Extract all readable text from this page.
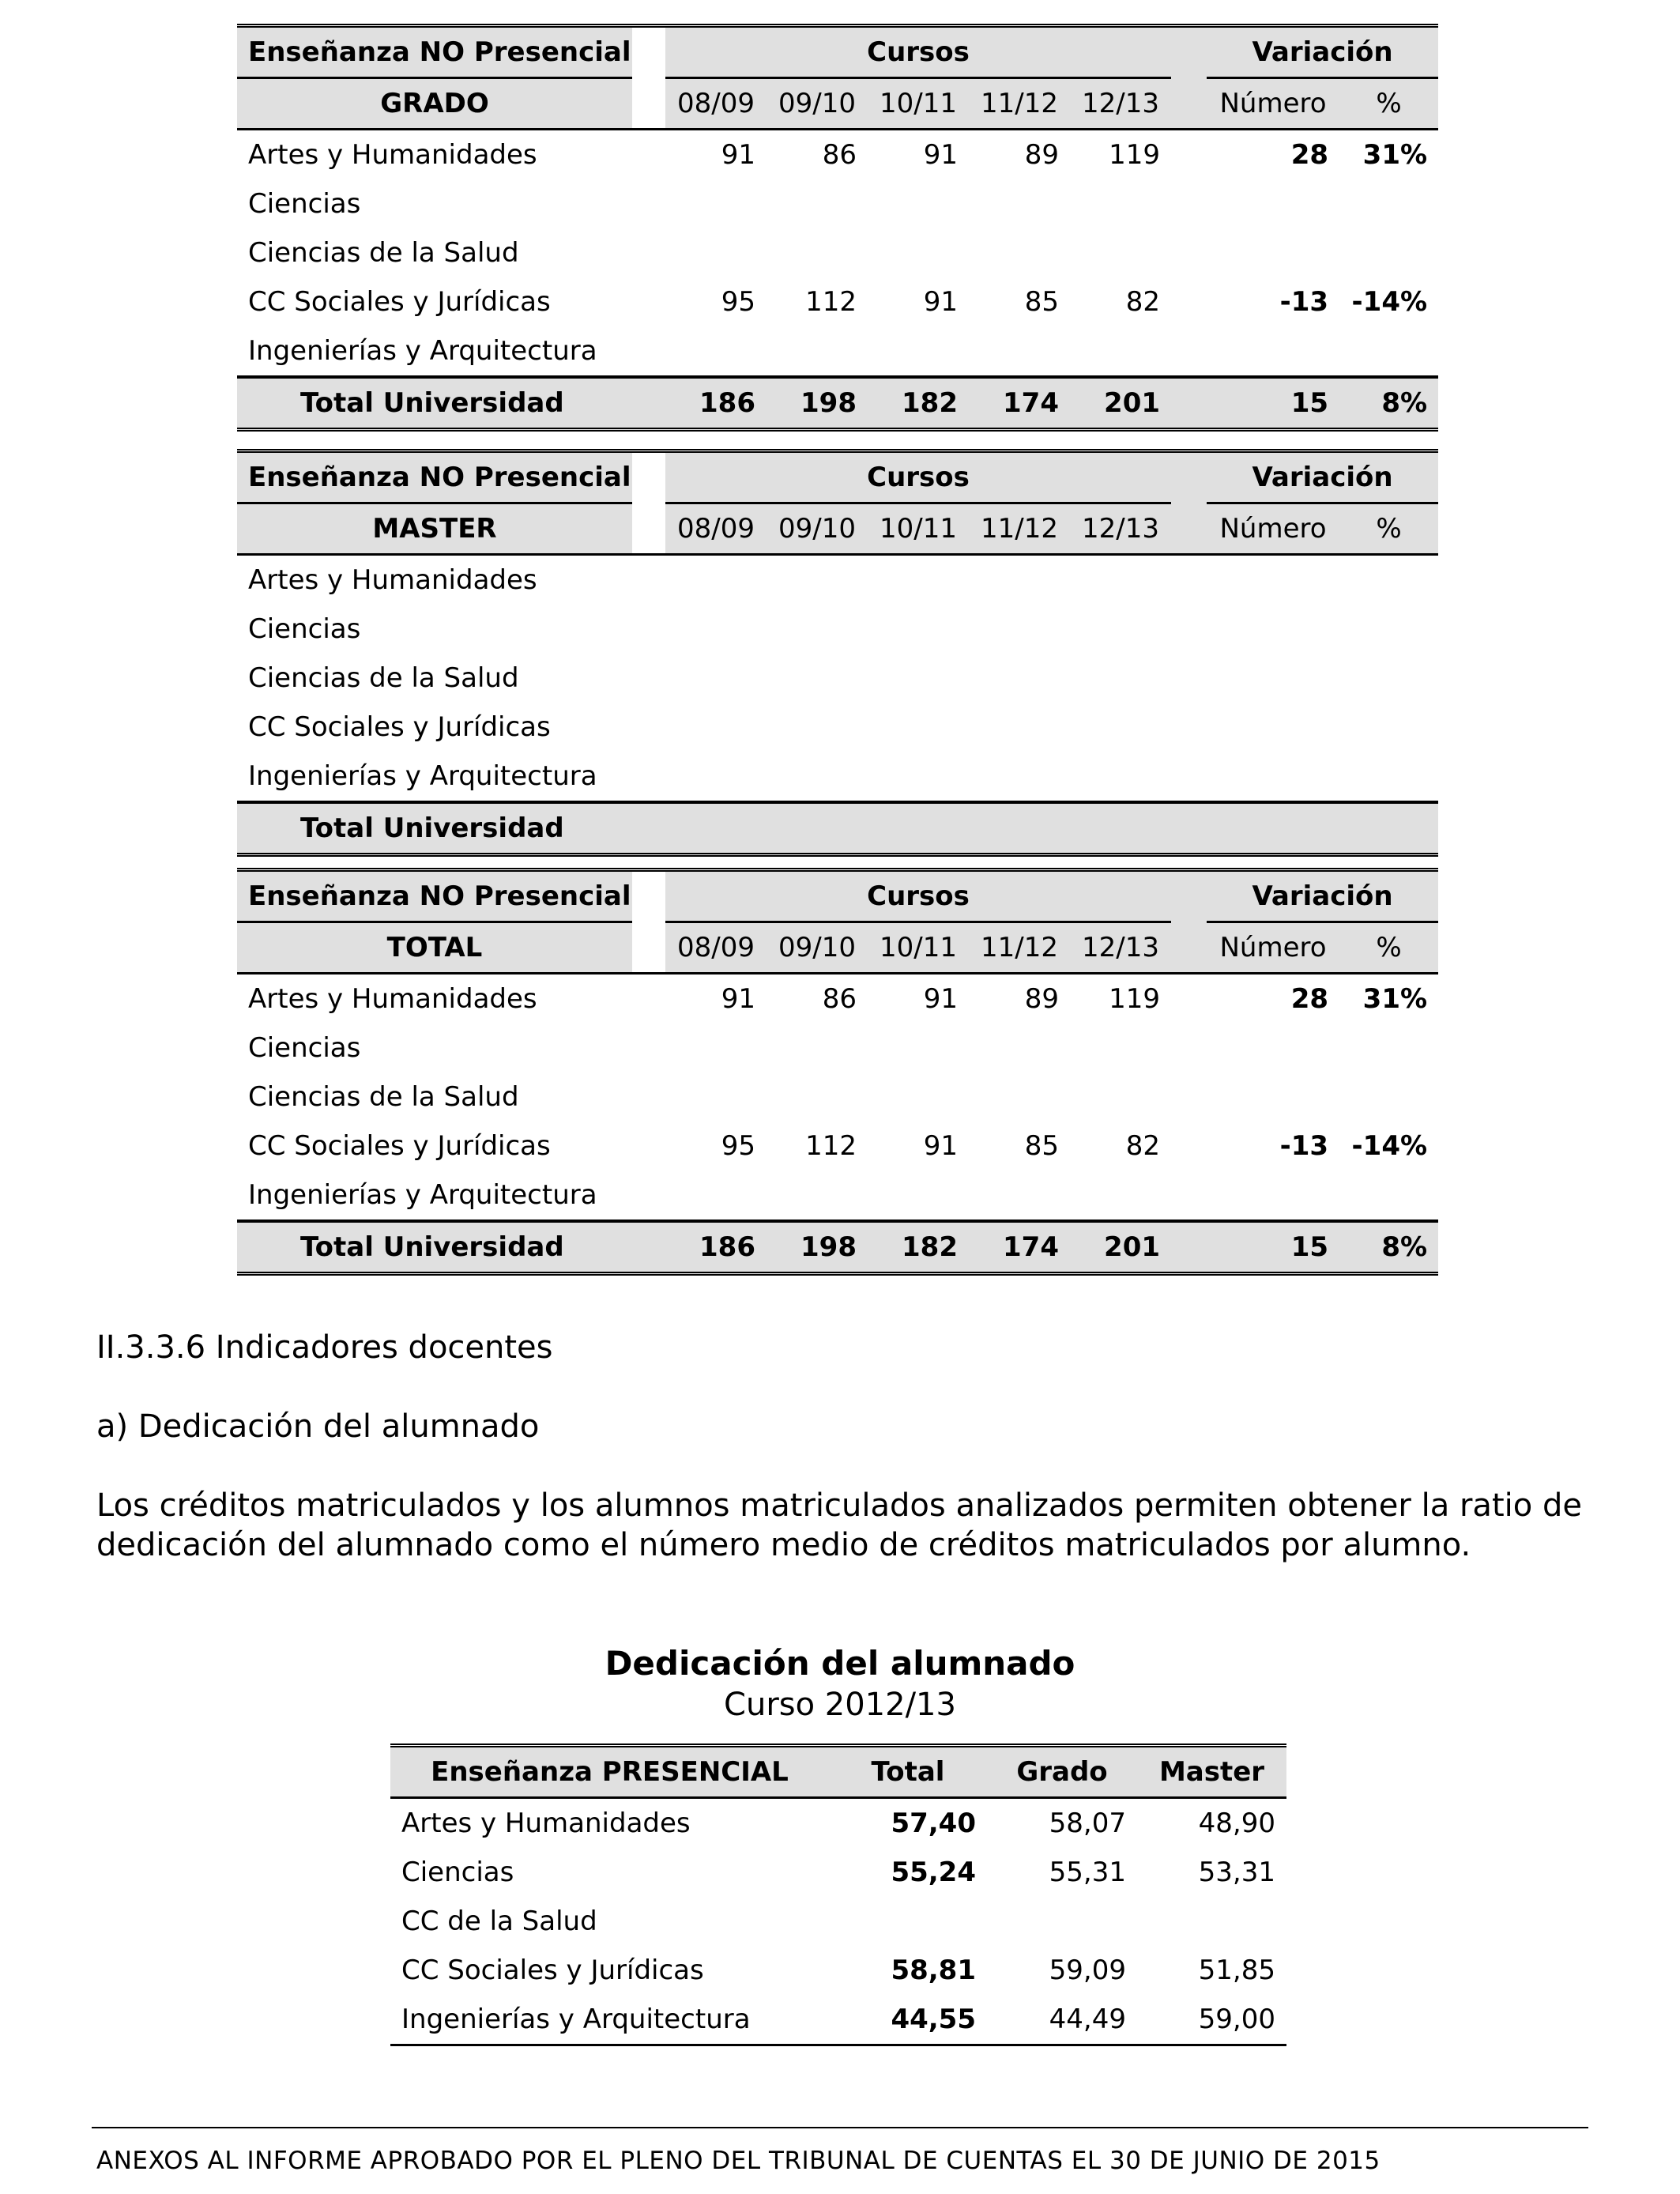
Enseñanza NO Presencial		Cursos						Variación	
GRADO		08/09	09/10	10/11	11/12	12/13		Número	%
Artes y Humanidades		91	86	91	89	119		28	31%
Ciencias									
Ciencias de la Salud									
CC Sociales y Jurídicas		95	112	91	85	82		-13	-14%
Ingenierías y Arquitectura									
Total Universidad		186	198	182	174	201		15	8%
Enseñanza NO Presencial		Cursos						Variación	
MASTER		08/09	09/10	10/11	11/12	12/13		Número	%
Artes y Humanidades									
Ciencias									
Ciencias de la Salud									
CC Sociales y Jurídicas									
Ingenierías y Arquitectura									
Total Universidad									
Enseñanza NO Presencial		Cursos						Variación	
TOTAL		08/09	09/10	10/11	11/12	12/13		Número	%
Artes y Humanidades		91	86	91	89	119		28	31%
Ciencias									
Ciencias de la Salud									
CC Sociales y Jurídicas		95	112	91	85	82		-13	-14%
Ingenierías y Arquitectura									
Total Universidad		186	198	182	174	201		15	8%
II.3.3.6 Indicadores docentes
a) Dedicación del alumnado
Los créditos matriculados y los alumnos matriculados analizados permiten obtener la ratio de dedicación del alumnado como el número medio de créditos matriculados por alumno.
Dedicación del alumnado
Curso 2012/13
Enseñanza PRESENCIAL	Total	Grado	Master
Artes y Humanidades	57,40	58,07	48,90
Ciencias	55,24	55,31	53,31
CC de la Salud			
CC Sociales y Jurídicas	58,81	59,09	51,85
Ingenierías y Arquitectura	44,55	44,49	59,00
ANEXOS AL INFORME APROBADO POR EL PLENO DEL TRIBUNAL DE CUENTAS EL 30 DE JUNIO DE 2015
